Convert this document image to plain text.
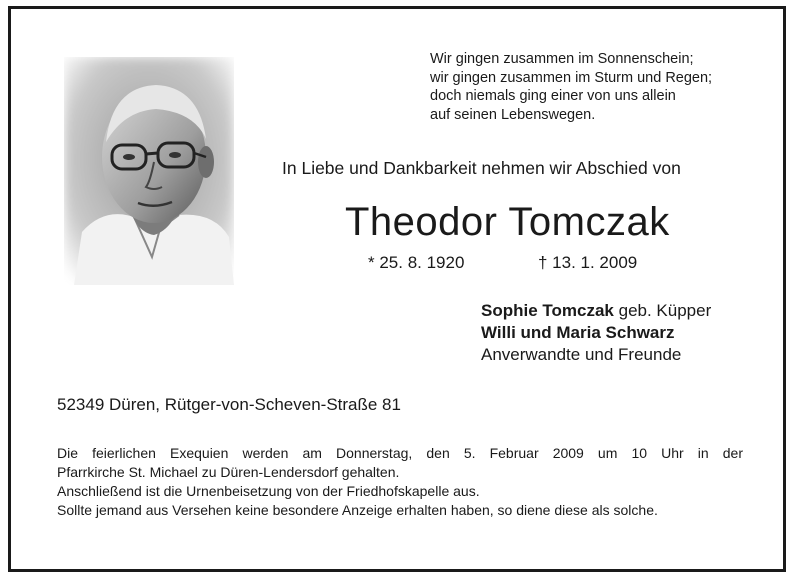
Wir gingen zusammen im Sonnenschein;
wir gingen zusammen im Sturm und Regen;
doch niemals ging einer von uns allein
auf seinen Lebenswegen.
In Liebe und Dankbarkeit nehmen wir Abschied von
Theodor Tomczak
* 25. 8. 1920	† 13. 1. 2009
Sophie Tomczak geb. Küpper
Willi und Maria Schwarz
Anverwandte und Freunde
52349 Düren, Rütger-von-Scheven-Straße 81
Die feierlichen Exequien werden am Donnerstag, den 5. Februar 2009 um 10 Uhr in der
Pfarrkirche St. Michael zu Düren-Lendersdorf gehalten.
Anschließend ist die Urnenbeisetzung von der Friedhofskapelle aus.
Sollte jemand aus Versehen keine besondere Anzeige erhalten haben, so diene diese als solche.
